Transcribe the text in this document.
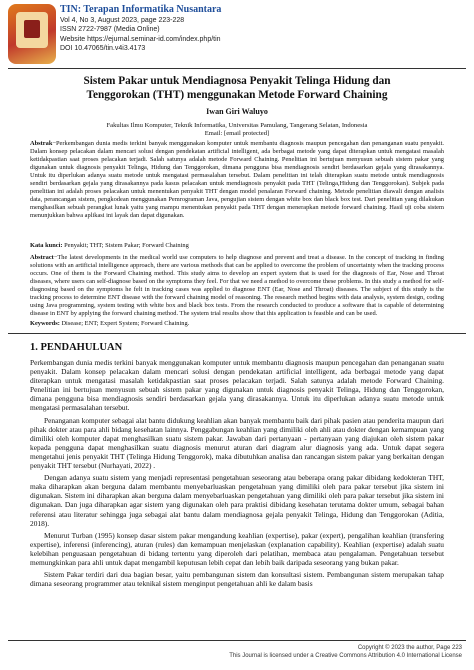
TIN: Terapan Informatika Nusantara
Vol 4, No 3, August 2023, page 223-228
ISSN 2722-7987 (Media Online)
Website https://ejurnal.seminar-id.com/index.php/tin
DOI 10.47065/tin.v4i3.4173
Sistem Pakar untuk Mendiagnosa Penyakit Telinga Hidung dan
Tenggorokan (THT) menggunakan Metode Forward Chaining
Iwan Giri Waluyo
Fakultas Ilmu Komputer, Teknik Informatika, Universitas Pamulang, Tangerang Selatan, Indonesia
Email: [email protected]
Abstrak−Perkembangan dunia medis terkini banyak menggunakan komputer untuk membantu diagnosis maupun pencegahan dan penanganan suatu penyakit. Dalam konsep pelacakan dalam mencari solusi dengan pendekatan artificial intelligent, ada berbagai metode yang dapat diterapkan untuk mengatasi masalah ketidakpastian saat proses pelacakan terjadi. Salah satunya adalah metode Forward Chaining. Penelitian ini bertujuan menyusun sebuah sistem pakar yang digunakan untuk diagnosis penyakit Telinga, Hidung dan Tenggorokan, dimana pengguna bisa mendiagnosis sendiri berdasarkan gejala yang dirasakannya. Untuk itu diperlukan adanya suatu metode untuk mengatasi permasalahan tersebut. Dalam penelitian ini telah diterapkan suatu metode untuk mendiagnosis sendiri berdasarkan gejala yang dirasakannya pada kasus pelacakan untuk mendiagnosis penyakit pada THT (Telinga,Hidung dan Tenggorokan). Subjek pada penelitian ini adalah proses pelacakan untuk menentukan penyakit THT dengan model penalaran Forward chaining. Metode penelitian diawali dengan analisis data, perancangan sistem, pengkodean menggunakan Pemrograman Java, pengujian sistem dengan white box dan black box test. Dari penelitian yang dilakukan menghasilkan sebuah perangkat lunak yaitu yang mampu menentukan penyakit pada THT dengan menerapkan metode forward chaining. Hasil uji coba sistem menunjukkan bahwa aplikasi ini layak dan dapat digunakan.
Kata kunci: Penyakit; THT; Sistem Pakar; Forward Chaining
Abstract−The latest developments in the medical world use computers to help diagnose and prevent and treat a disease. In the concept of tracking in finding solutions with an artificial intelligence approach, there are various methods that can be applied to overcome the problem of uncertainty when the tracking process occurs. One of them is the Forward Chaining method. This study aims to develop an expert system that is used for the diagnosis of Ear, Nose and Throat diseases, where users can self-diagnose based on the symptoms they feel. For that we need a method to overcome these problems. In this study a method for self-diagnosing based on the symptoms he felt in tracking cases was applied to diagnose ENT (Ear, Nose and Throat) diseases. The subject of this study is the tracking process to determine ENT disease with the forward chaining model of reasoning. The research method begins with data analysis, system design, coding using Java programming, system testing with white box and black box tests. From the research conducted to produce a software that is capable of determining disease in ENT by applying the forward chaining method. The system trial results show that this application is feasible and can be used.
Keywords: Disease; ENT; Expert System; Forward Chaining.
1. PENDAHULUAN

Perkembangan dunia medis terkini banyak menggunakan komputer untuk membantu diagnosis maupun pencegahan dan penanganan suatu penyakit. Dalam konsep pelacakan dalam mencari solusi dengan pendekatan artificial intelligent, ada berbagai metode yang dapat diterapkan untuk mengatasi masalah ketidakpastian saat proses pelacakan terjadi. Salah satunya adalah metode Forward Chaining. Penelitian ini bertujuan menyusun sebuah sistem pakar yang digunakan untuk diagnosis penyakit Telinga, Hidung dan Tenggorokan, dimana pengguna bisa mendiagnosis sendiri berdasarkan gejala yang dirasakannya. Untuk itu diperlukan adanya suatu metode untuk mengatasi permasalahan tersebut.

Penanganan komputer sebagai alat bantu didukung keahlian akan banyak membantu baik dari pihak pasien atau penderita maupun dari pihak dokter atau para ahli bidang kesehatan lainnya. Penggabungan keahlian yang dimiliki oleh ahli atau dokter dengan kemampuan yang dimiliki oleh komputer dapat menghasilkan suatu sistem pakar. Jawaban dari pertanyaan - pertanyaan yang diajukan oleh sistem pakar kepada pengguna dapat menghasilkan suatu diagnosis menurut aturan dari diagram alur diagnosis yang ada. Untuk dapat segera mengetahui jenis penyakit THT (Telinga Hidung Tenggorok), maka dibutuhkan analisa dan rancangan sistem pakar yang berkaitan dengan penyakit THT tersebut (Nurhayati, 2022) .

Dengan adanya suatu sistem yang menjadi representasi pengetahuan seseorang atau beberapa orang pakar dibidang kedokteran THT, maka diharapkan akan berguna dalam membantu menyebarluaskan pengetahuan yang dimiliki oleh para pakar tersebut jika sistem ini digunakan. Sistem ini diharapkan akan berguna dalam menyebarluaskan pengetahuan yang dimiliki oleh para pakar tersebut jika sistem ini digunakan. Dan juga diharapkan agar sistem yang digunakan oleh para praktisi dibidang kesehatan terutama dokter umum, sebagai bahan referensi atau literatur sehingga juga sebagai alat bantu dalam mendiagnosa gejala penyakit Telinga, Hidung dan Tenggorokan (Aditia, 2018).

Menurut Turban (1995) konsep dasar sistem pakar mengandung keahlian (expertise), pakar (expert), pengalihan keahlian (transfering expertise), inferensi (inferencing), aturan (rules) dan kemampuan menjelaskan (explanation capability). Keahlian (expertise) adalah suatu kelebihan penguasaan pengetahuan di bidang tertentu yang diperoleh dari pelatihan, membaca atau pengalaman. Pengetahuan tersebut memungkinkan para ahli untuk dapat mengambil keputusan lebih cepat dan lebih baik daripada seseorang yang bukan pakar.

Sistem Pakar terdiri dari dua bagian besar, yaitu pembangunan sistem dan konsultasi sistem. Pembangunan sistem merupakan tahap dimana seseorang programmer atau teknikal sistem menginput pengetahuan ahli ke dalam basis

Copyright © 2023 the author, Page 223
This Journal is licensed under a Creative Commons Attribution 4.0 International License
